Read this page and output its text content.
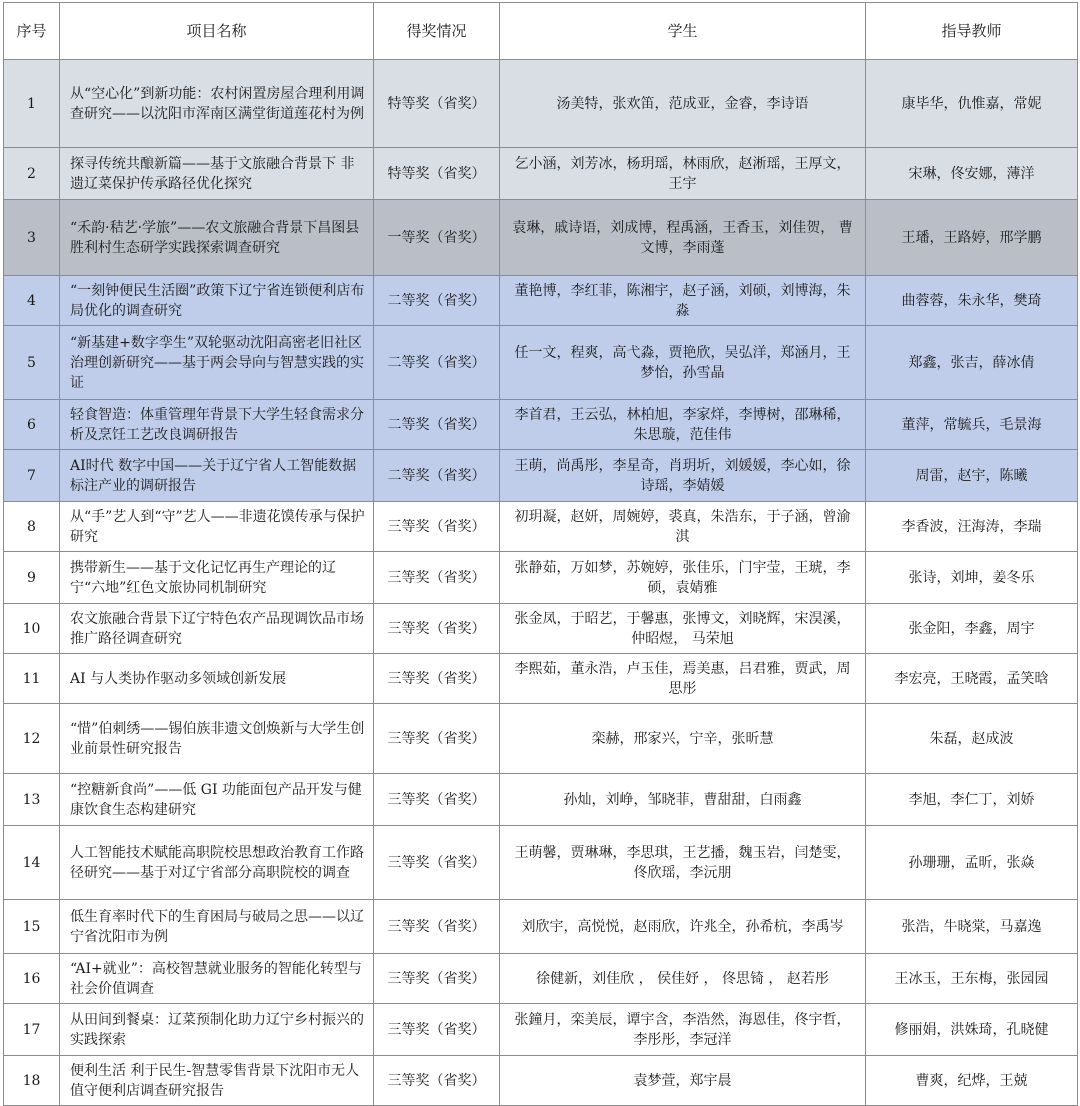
序号	项目名称	得奖情况	学生	指导教师
1	从“空心化”到新功能：农村闲置房屋合理利用调查研究——以沈阳市浑南区满堂街道莲花村为例	特等奖（省奖）	汤美特，张欢笛，范成亚，金睿，李诗语	康毕华，仇惟嘉，常妮
2	探寻传统共酿新篇——基于文旅融合背景下 非遗辽菜保护传承路径优化探究	特等奖（省奖）	乞小涵，刘芳冰，杨玥瑶，林雨欣，赵淅瑶，王厚文，王宇	宋琳，佟安娜，薄洋
3	“禾韵·秸艺·学旅”——农文旅融合背景下昌图县胜利村生态研学实践探索调查研究	一等奖（省奖）	袁琳，戚诗语，刘成博，程禹涵，王香玉，刘佳贺， 曹文博，李雨蓬	王璠，王路婷，邢学鹏
4	“一刻钟便民生活圈”政策下辽宁省连锁便利店布局优化的调查研究	二等奖（省奖）	董艳博，李红菲，陈湘宇，赵子涵，刘硕，刘博海，朱淼	曲蓉蓉，朱永华，樊琦
5	“新基建+数字孪生”双轮驱动沈阳高密老旧社区治理创新研究——基于两会导向与智慧实践的实证	二等奖（省奖）	任一文，程爽，高弋淼，贾艳欣，吴弘洋，郑涵月，王梦怡，孙雪晶	郑鑫，张吉，薛冰倩
6	轻食智造：体重管理年背景下大学生轻食需求分析及烹饪工艺改良调研报告	二等奖（省奖）	李首君，王云弘，林柏旭，李家烊，李博树，邵琳稀，朱思璇，范佳伟	董萍，常毓兵，毛景海
7	AI时代 数字中国——关于辽宁省人工智能数据标注产业的调研报告	二等奖（省奖）	王萌，尚禹彤，李星奇，肖玥圻，刘媛媛，李心如，徐诗瑶，李婧媛	周雷，赵宇，陈曦
8	从“手”艺人到“守”艺人——非遗花馍传承与保护研究	三等奖（省奖）	初玥凝，赵妍，周婉婷，裘真，朱浩东，于子涵，曾渝淇	李香波，汪海涛，李瑞
9	携带新生——基于文化记忆再生产理论的辽宁“六地”红色文旅协同机制研究	三等奖（省奖）	张静茹，万如梦，苏婉婷，张佳乐，门宇莹，王琥，李硕，袁婧雅	张诗，刘坤，姜冬乐
10	农文旅融合背景下辽宁特色农产品现调饮品市场推广路径调查研究	三等奖（省奖）	张金凤，于昭艺，于馨惠，张博文，刘晓辉，宋淏溪，仲昭煜， 马荣旭	张金阳，李鑫，周宇
11	AI 与人类协作驱动多领域创新发展	三等奖（省奖）	李熙茹，董永浩，卢玉佳，焉美惠，吕君雅，贾武，周思彤	李宏亮，王晓霞，孟笑晗
12	“惜”伯刺绣——锡伯族非遗文创焕新与大学生创业前景性研究报告	三等奖（省奖）	栾赫，邢家兴，宁辛，张昕慧	朱磊，赵成波
13	“控糖新食尚”——低 GI 功能面包产品开发与健康饮食生态构建研究	三等奖（省奖）	孙灿，刘峥，邹晓菲，曹甜甜，白雨鑫	李旭，李仁丁，刘娇
14	人工智能技术赋能高职院校思想政治教育工作路径研究——基于对辽宁省部分高职院校的调查	三等奖（省奖）	王萌馨，贾琳琳，李思琪，王艺播，魏玉岩，闫楚雯，佟欣瑶，李沅朋	孙珊珊，孟昕，张焱
15	低生育率时代下的生育困局与破局之思——以辽宁省沈阳市为例	三等奖（省奖）	刘欣宇，高悦悦，赵雨欣，许兆全，孙希杭，李禹岑	张浩，牛晓棠，马嘉逸
16	“AI+就业”：高校智慧就业服务的智能化转型与社会价值调查	三等奖（省奖）	徐健新，刘佳欣 ， 侯佳妤 ， 佟思锜 ， 赵若彤	王冰玉，王东梅，张园园
17	从田间到餐桌：辽菜预制化助力辽宁乡村振兴的实践探索	三等奖（省奖）	张鐘月，栾美辰，谭宇含，李浩然，海恩佳，佟宇哲，李彤彤，李冠洋	修丽娟，洪姝琦，孔晓健
18	便利生活 利于民生-智慧零售背景下沈阳市无人值守便利店调查研究报告	三等奖（省奖）	袁梦萱，郑宇晨	曹爽，纪烨，王兢
